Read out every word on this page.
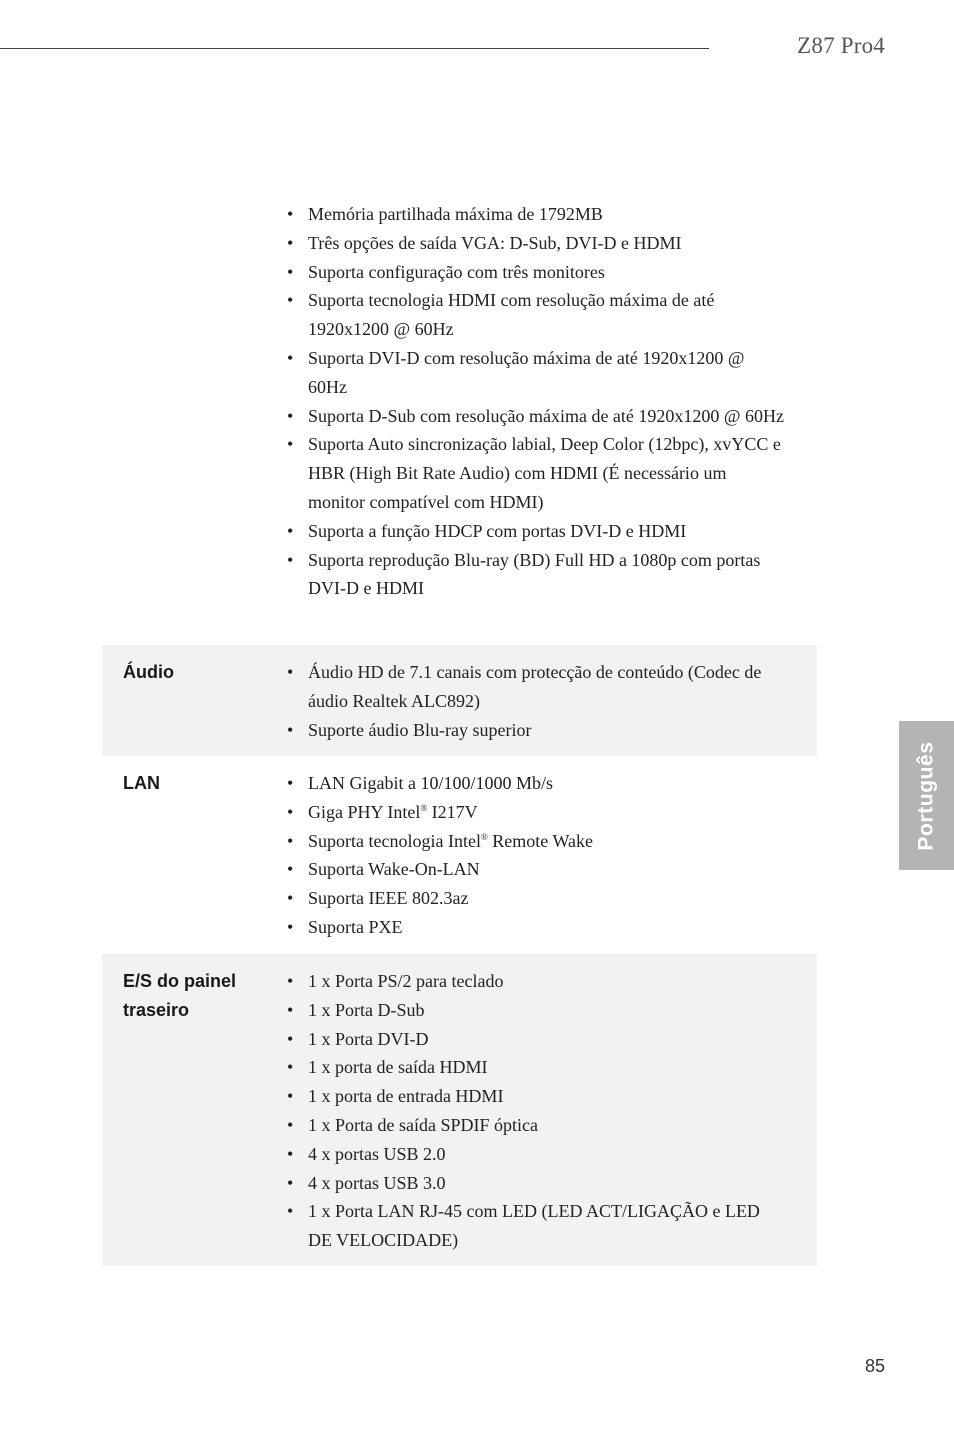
Z87 Pro4
Português
• Memória partilhada máxima de 1792MB
• Três opções de saída VGA: D-Sub, DVI-D e HDMI
• Suporta configuração com três monitores
• Suporta tecnologia HDMI com resolução máxima de até 1920x1200 @ 60Hz
• Suporta DVI-D com resolução máxima de até 1920x1200 @ 60Hz
• Suporta D-Sub com resolução máxima de até 1920x1200 @ 60Hz
• Suporta Auto sincronização labial, Deep Color (12bpc), xvYCC e HBR (High Bit Rate Audio) com HDMI (É necessário um monitor compatível com HDMI)
• Suporta a função HDCP com portas DVI-D e HDMI
• Suporta reprodução Blu-ray (BD) Full HD a 1080p com portas DVI-D e HDMI
Áudio	• Áudio HD de 7.1 canais com protecção de conteúdo (Codec de áudio Realtek ALC892)
• Suporte áudio Blu-ray superior
LAN	• LAN Gigabit a 10/100/1000 Mb/s
• Giga PHY Intel® I217V
• Suporta tecnologia Intel® Remote Wake
• Suporta Wake-On-LAN
• Suporta IEEE 802.3az
• Suporta PXE
E/S do painel traseiro
• 1 x Porta PS/2 para teclado
• 1 x Porta D-Sub
• 1 x Porta DVI-D
• 1 x porta de saída HDMI
• 1 x porta de entrada HDMI
• 1 x Porta de saída SPDIF óptica
• 4 x portas USB 2.0
• 4 x portas USB 3.0
• 1 x Porta LAN RJ-45 com LED (LED ACT/LIGAÇÃO e LED DE VELOCIDADE)
85
